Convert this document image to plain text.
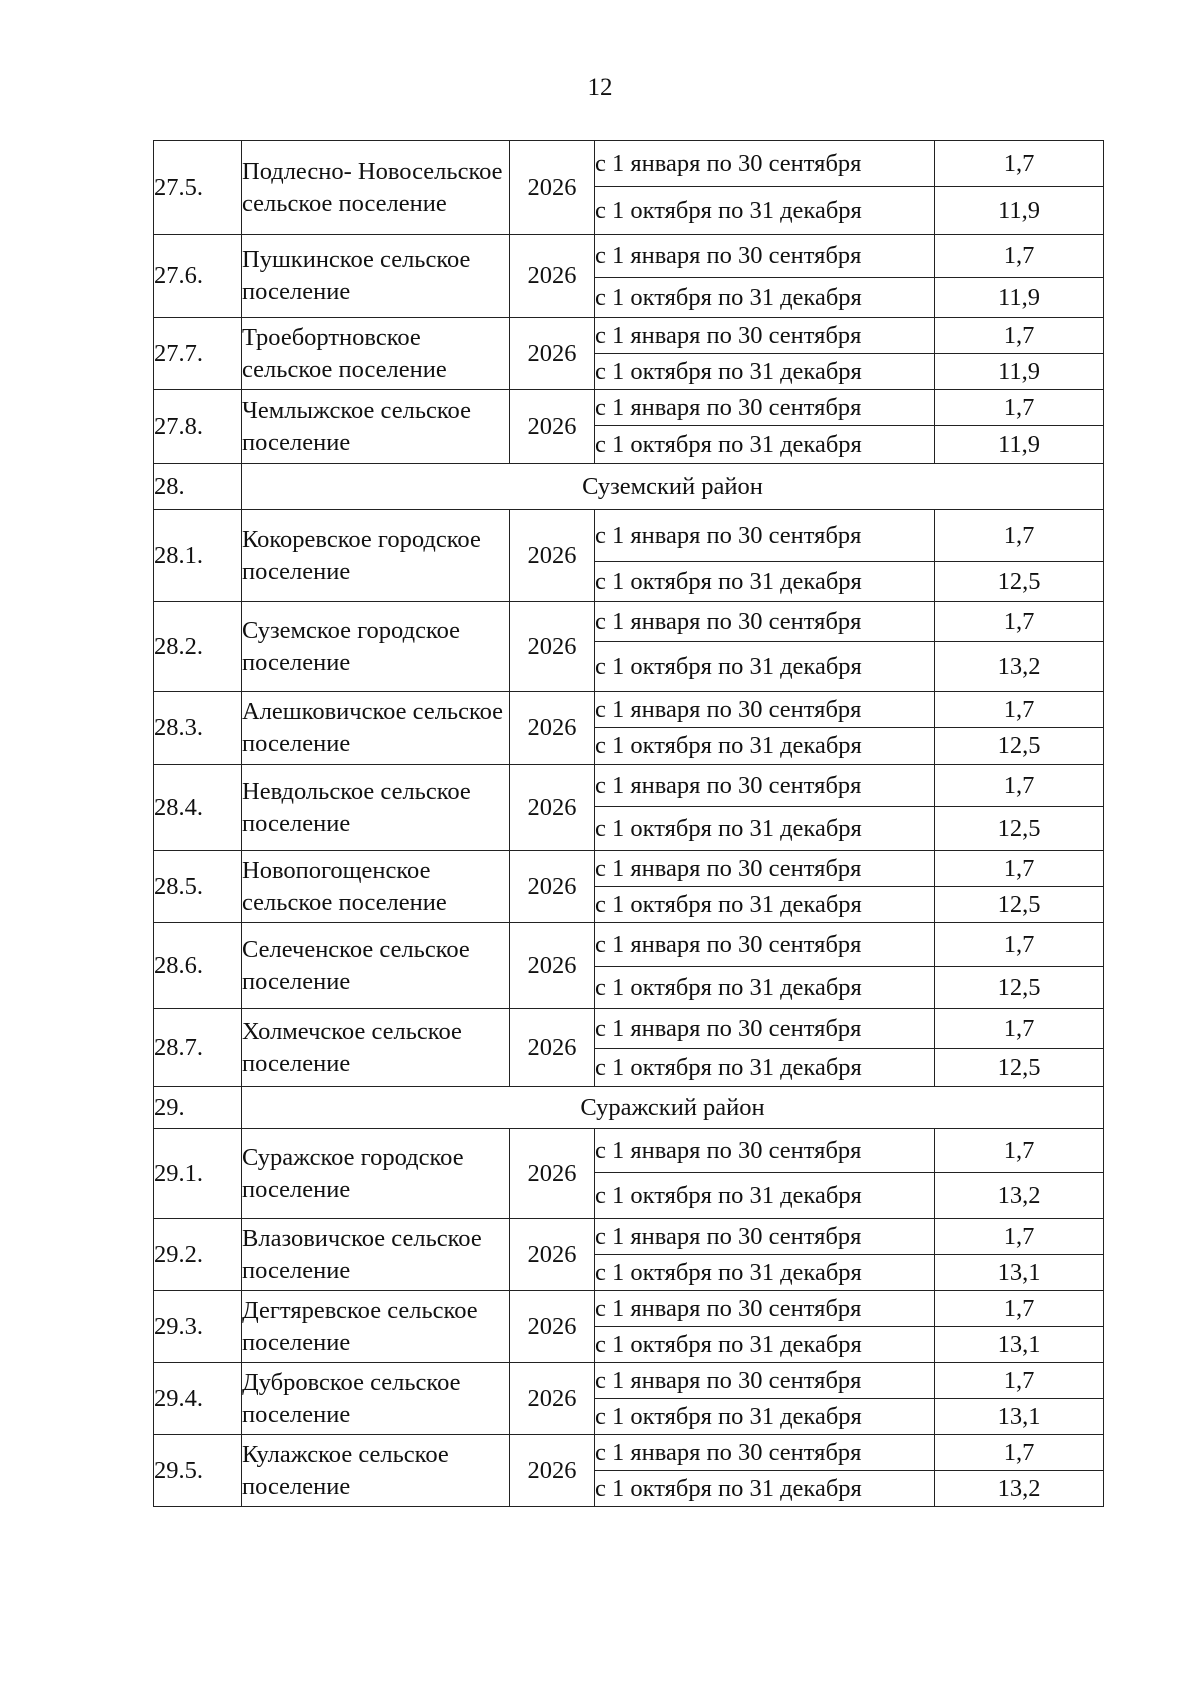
12
27.5.	Подлесно- Новосельское сельское поселение	2026	с 1 января по 30 сентября	1,7
			с 1 октября по 31 декабря	11,9
27.6.	Пушкинское сельское поселение	2026	с 1 января по 30 сентября	1,7
			с 1 октября по 31 декабря	11,9
27.7.	Троебортновское сельское поселение	2026	с 1 января по 30 сентября	1,7
			с 1 октября по 31 декабря	11,9
27.8.	Чемлыжское сельское поселение	2026	с 1 января по 30 сентября	1,7
			с 1 октября по 31 декабря	11,9
28.	Суземский район			
28.1.	Кокоревское городское поселение	2026	с 1 января по 30 сентября	1,7
			с 1 октября по 31 декабря	12,5
28.2.	Суземское городское поселение	2026	с 1 января по 30 сентября	1,7
			с 1 октября по 31 декабря	13,2
28.3.	Алешковичское сельское поселение	2026	с 1 января по 30 сентября	1,7
			с 1 октября по 31 декабря	12,5
28.4.	Невдольское сельское поселение	2026	с 1 января по 30 сентября	1,7
			с 1 октября по 31 декабря	12,5
28.5.	Новопогощенское сельское поселение	2026	с 1 января по 30 сентября	1,7
			с 1 октября по 31 декабря	12,5
28.6.	Селеченское сельское поселение	2026	с 1 января по 30 сентября	1,7
			с 1 октября по 31 декабря	12,5
28.7.	Холмечское сельское поселение	2026	с 1 января по 30 сентября	1,7
			с 1 октября по 31 декабря	12,5
29.	Суражский район			
29.1.	Суражское городское поселение	2026	с 1 января по 30 сентября	1,7
			с 1 октября по 31 декабря	13,2
29.2.	Влазовичское сельское поселение	2026	с 1 января по 30 сентября	1,7
			с 1 октября по 31 декабря	13,1
29.3.	Дегтяревское сельское поселение	2026	с 1 января по 30 сентября	1,7
			с 1 октября по 31 декабря	13,1
29.4.	Дубровское сельское поселение	2026	с 1 января по 30 сентября	1,7
			с 1 октября по 31 декабря	13,1
29.5.	Кулажское сельское поселение	2026	с 1 января по 30 сентября	1,7
			с 1 октября по 31 декабря	13,2
